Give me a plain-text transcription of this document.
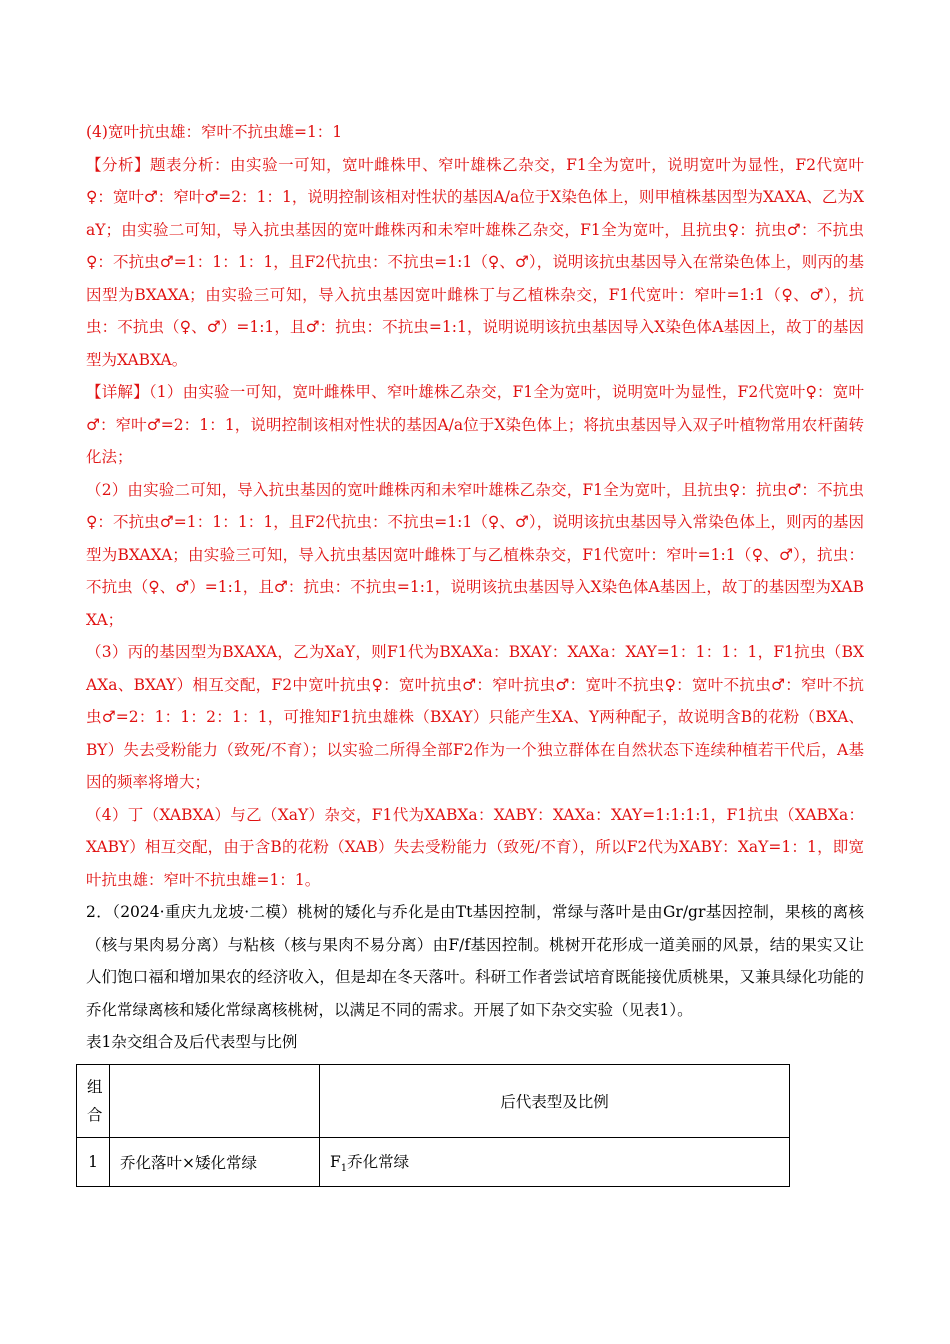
(4)宽叶抗虫雄：窄叶不抗虫雄=1：1

【分析】题表分析：由实验一可知，宽叶雌株甲、窄叶雄株乙杂交，F1全为宽叶，说明宽叶为显性，F2代宽叶♀：宽叶♂：窄叶♂=2：1：1，说明控制该相对性状的基因A/a位于X染色体上，则甲植株基因型为XAXA、乙为XaY；由实验二可知，导入抗虫基因的宽叶雌株丙和未窄叶雄株乙杂交，F1全为宽叶，且抗虫♀：抗虫♂：不抗虫♀：不抗虫♂=1：1：1：1，且F2代抗虫：不抗虫=1:1（♀、♂），说明该抗虫基因导入在常染色体上，则丙的基因型为BXAXA；由实验三可知，导入抗虫基因宽叶雌株丁与乙植株杂交，F1代宽叶：窄叶=1:1（♀、♂），抗虫：不抗虫（♀、♂）=1:1，且♂：抗虫：不抗虫=1:1，说明说明该抗虫基因导入X染色体A基因上，故丁的基因型为XABXA。

【详解】（1）由实验一可知，宽叶雌株甲、窄叶雄株乙杂交，F1全为宽叶，说明宽叶为显性，F2代宽叶♀：宽叶♂：窄叶♂=2：1：1，说明控制该相对性状的基因A/a位于X染色体上；将抗虫基因导入双子叶植物常用农杆菌转化法；

（2）由实验二可知，导入抗虫基因的宽叶雌株丙和未窄叶雄株乙杂交，F1全为宽叶，且抗虫♀：抗虫♂：不抗虫♀：不抗虫♂=1：1：1：1，且F2代抗虫：不抗虫=1:1（♀、♂），说明该抗虫基因导入常染色体上，则丙的基因型为BXAXA；由实验三可知，导入抗虫基因宽叶雌株丁与乙植株杂交，F1代宽叶：窄叶=1:1（♀、♂），抗虫：不抗虫（♀、♂）=1:1，且♂：抗虫：不抗虫=1:1，说明该抗虫基因导入X染色体A基因上，故丁的基因型为XABXA；

（3）丙的基因型为BXAXA，乙为XaY，则F1代为BXAXa：BXAY：XAXa：XAY=1：1：1：1，F1抗虫（BXAXa、BXAY）相互交配，F2中宽叶抗虫♀：宽叶抗虫♂：窄叶抗虫♂：宽叶不抗虫♀：宽叶不抗虫♂：窄叶不抗虫♂=2：1：1：2：1：1，可推知F1抗虫雄株（BXAY）只能产生XA、Y两种配子，故说明含B的花粉（BXA、BY）失去受粉能力（致死/不育）；以实验二所得全部F2作为一个独立群体在自然状态下连续种植若干代后，A基因的频率将增大；

（4）丁（XABXA）与乙（XaY）杂交，F1代为XABXa：XABY：XAXa：XAY=1:1:1:1，F1抗虫（XABXa：XABY）相互交配，由于含B的花粉（XAB）失去受粉能力（致死/不育），所以F2代为XABY：XaY=1：1，即宽叶抗虫雄：窄叶不抗虫雄=1：1。

2．（2024·重庆九龙坡·二模）桃树的矮化与乔化是由Tt基因控制，常绿与落叶是由Gr/gr基因控制，果核的离核（核与果肉易分离）与粘核（核与果肉不易分离）由F/f基因控制。桃树开花形成一道美丽的风景，结的果实又让人们饱口福和增加果农的经济收入，但是却在冬天落叶。科研工作者尝试培育既能接优质桃果，又兼具绿化功能的乔化常绿离核和矮化常绿离核桃树，以满足不同的需求。开展了如下杂交实验（见表1）。

表1杂交组合及后代表型与比例

组合		后代表型及比例
1	乔化落叶×矮化常绿	$F_1$乔化常绿
